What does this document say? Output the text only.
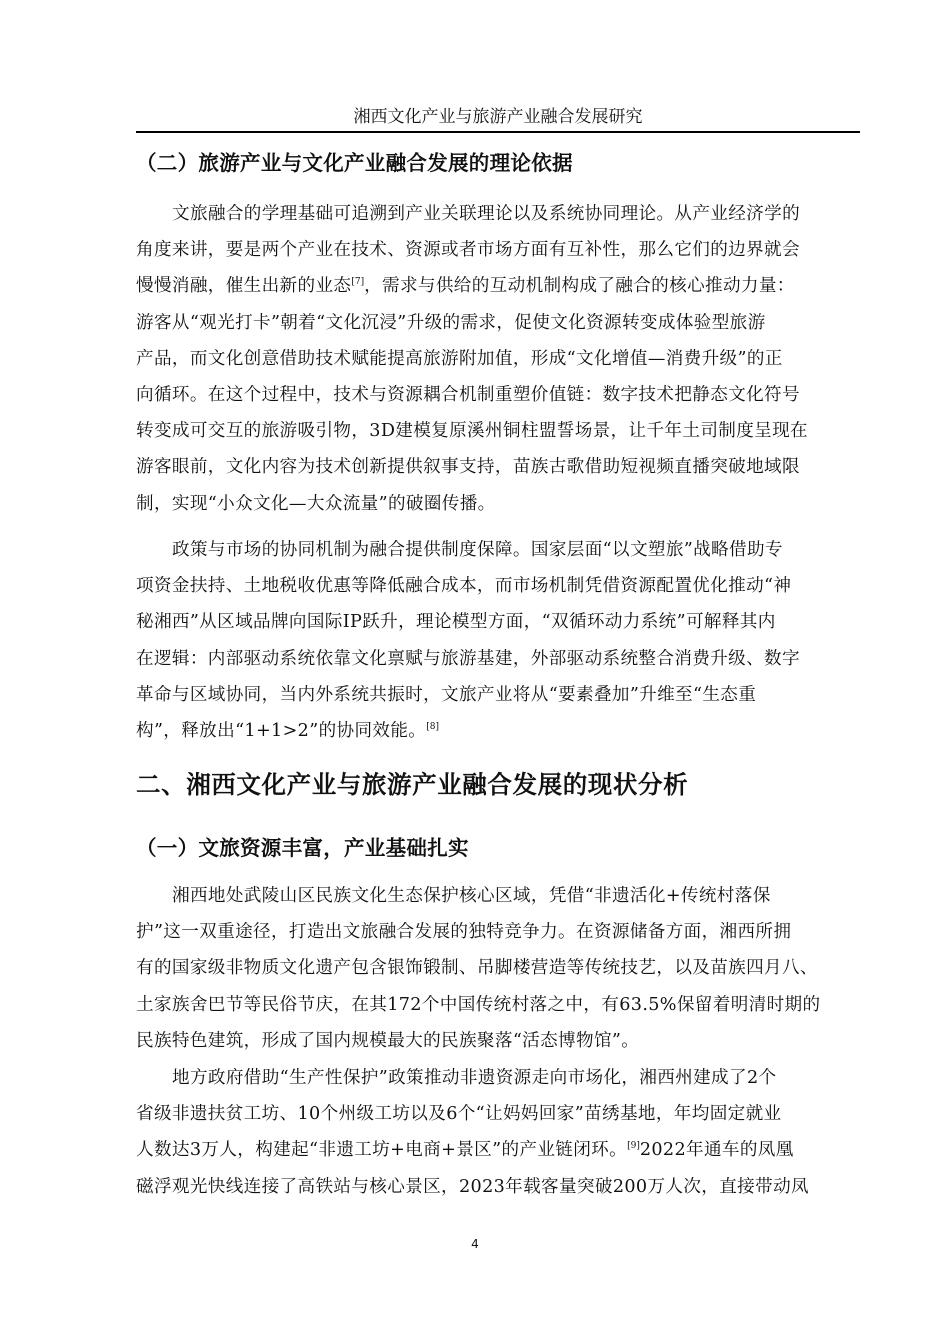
湘西文化产业与旅游产业融合发展研究
（二）旅游产业与文化产业融合发展的理论依据
文旅融合的学理基础可追溯到产业关联理论以及系统协同理论。从产业经济学的
角度来讲，要是两个产业在技术、资源或者市场方面有互补性，那么它们的边界就会
慢慢消融，催生出新的业态[7]，需求与供给的互动机制构成了融合的核心推动力量：
游客从“观光打卡”朝着“文化沉浸”升级的需求，促使文化资源转变成体验型旅游
产品，而文化创意借助技术赋能提高旅游附加值，形成“文化增值—消费升级”的正
向循环。在这个过程中，技术与资源耦合机制重塑价值链：数字技术把静态文化符号
转变成可交互的旅游吸引物，3D建模复原溪州铜柱盟誓场景，让千年土司制度呈现在
游客眼前，文化内容为技术创新提供叙事支持，苗族古歌借助短视频直播突破地域限
制，实现“小众文化—大众流量”的破圈传播。
政策与市场的协同机制为融合提供制度保障。国家层面“以文塑旅”战略借助专
项资金扶持、土地税收优惠等降低融合成本，而市场机制凭借资源配置优化推动“神
秘湘西”从区域品牌向国际IP跃升，理论模型方面，“双循环动力系统”可解释其内
在逻辑：内部驱动系统依靠文化禀赋与旅游基建，外部驱动系统整合消费升级、数字
革命与区域协同，当内外系统共振时，文旅产业将从“要素叠加”升维至“生态重
构”，释放出“1+1>2”的协同效能。[8]
二、湘西文化产业与旅游产业融合发展的现状分析
（一）文旅资源丰富，产业基础扎实
湘西地处武陵山区民族文化生态保护核心区域，凭借“非遗活化+传统村落保
护”这一双重途径，打造出文旅融合发展的独特竞争力。在资源储备方面，湘西所拥
有的国家级非物质文化遗产包含银饰锻制、吊脚楼营造等传统技艺，以及苗族四月八、
土家族舍巴节等民俗节庆，在其172个中国传统村落之中，有63.5%保留着明清时期的
民族特色建筑，形成了国内规模最大的民族聚落“活态博物馆”。
地方政府借助“生产性保护”政策推动非遗资源走向市场化，湘西州建成了2个
省级非遗扶贫工坊、10个州级工坊以及6个“让妈妈回家”苗绣基地，年均固定就业
人数达3万人，构建起“非遗工坊+电商+景区”的产业链闭环。[9]2022年通车的凤凰
磁浮观光快线连接了高铁站与核心景区，2023年载客量突破200万人次，直接带动凤
4
